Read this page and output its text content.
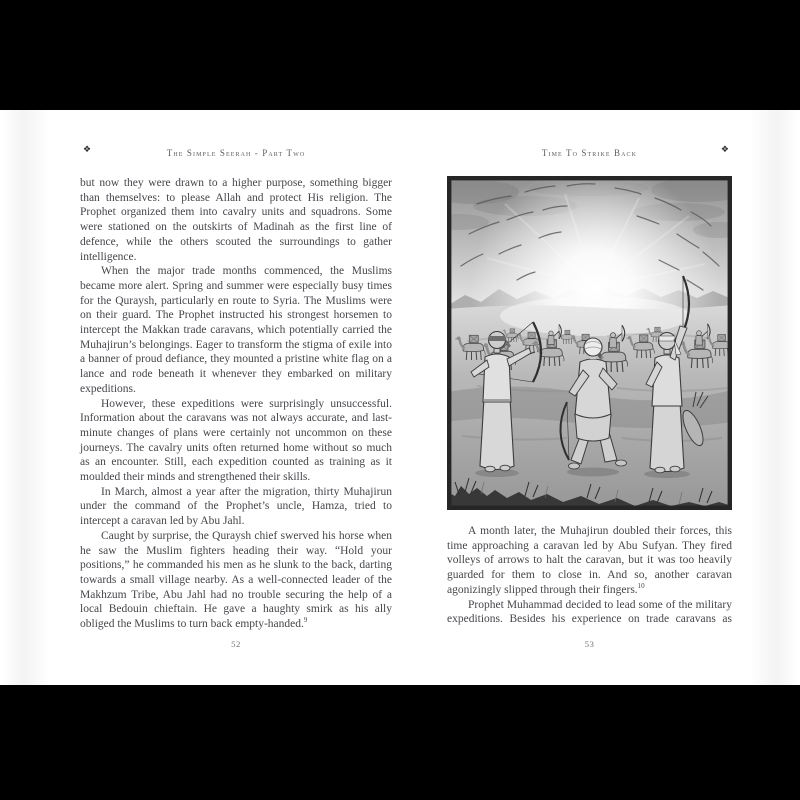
❖	The Simple Seerah - Part Two

but now they were drawn to a higher purpose, something bigger than themselves: to please Allah and protect His religion. The Prophet organized them into cavalry units and squadrons. Some were stationed on the outskirts of Madinah as the first line of defence, while the others scouted the surroundings to gather intelligence.

When the major trade months commenced, the Muslims became more alert. Spring and summer were especially busy times for the Quraysh, particularly en route to Syria. The Muslims were on their guard. The Prophet instructed his strongest horsemen to intercept the Makkan trade caravans, which potentially carried the Muhajirun’s belongings. Eager to transform the stigma of exile into a banner of proud defiance, they mounted a pristine white flag on a lance and rode beneath it whenever they embarked on military expeditions.

However, these expeditions were surprisingly unsuccessful. Information about the caravans was not always accurate, and last-minute changes of plans were certainly not uncommon on these journeys. The cavalry units often returned home without so much as an encounter. Still, each expedition counted as training as it moulded their minds and strengthened their skills.

In March, almost a year after the migration, thirty Muhajirun under the command of the Prophet’s uncle, Hamza, tried to intercept a caravan led by Abu Jahl.

Caught by surprise, the Quraysh chief swerved his horse when he saw the Muslim fighters heading their way. “Hold your positions,” he commanded his men as he slunk to the back, darting towards a small village nearby. As a well-connected leader of the Makhzum Tribe, Abu Jahl had no trouble securing the help of a local Bedouin chieftain. He gave a haughty smirk as his ally obliged the Muslims to turn back empty-handed.$^9$

52
Time To Strike Back	❖

A month later, the Muhajirun doubled their forces, this time approaching a caravan led by Abu Sufyan. They fired volleys of arrows to halt the caravan, but it was too heavily guarded for them to close in. And so, another caravan agonizingly slipped through their fingers.$^{10}$

Prophet Muhammad decided to lead some of the military expeditions. Besides his experience on trade caravans as

53
